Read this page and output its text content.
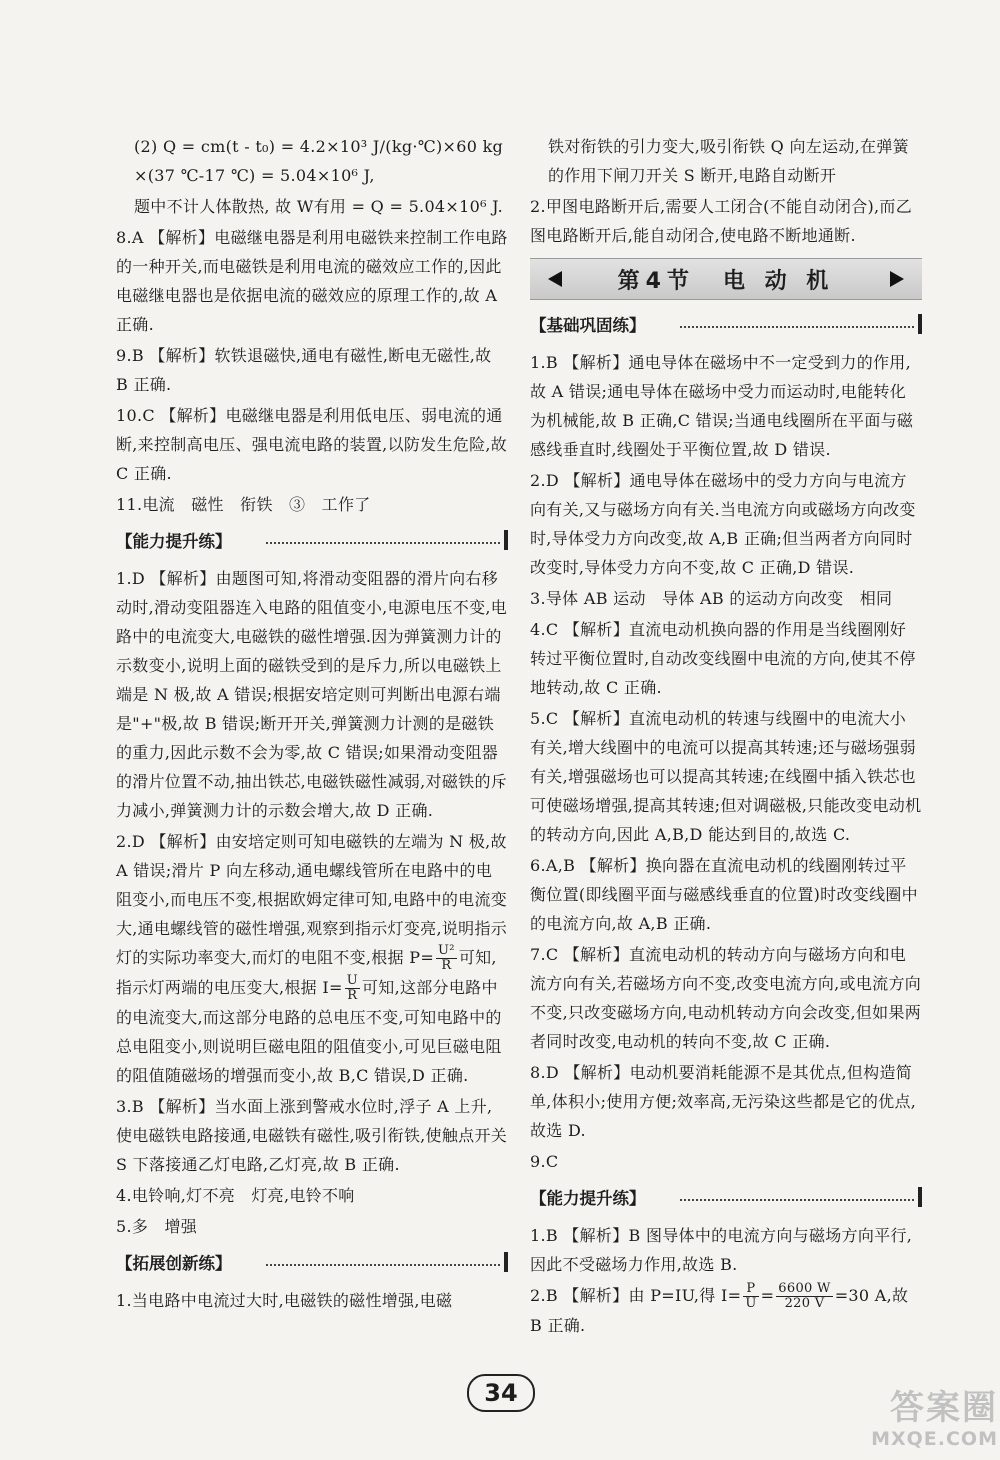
(2) Q = cm(t - t₀) = 4.2×10³ J/(kg·℃)×60 kg×(37 ℃-17 ℃) = 5.04×10⁶ J,

题中不计人体散热, 故 W有用 = Q = 5.04×10⁶ J.

8.A 【解析】电磁继电器是利用电磁铁来控制工作电路的一种开关,而电磁铁是利用电流的磁效应工作的,因此电磁继电器也是依据电流的磁效应的原理工作的,故 A 正确.

9.B 【解析】软铁退磁快,通电有磁性,断电无磁性,故 B 正确.

10.C 【解析】电磁继电器是利用低电压、弱电流的通断,来控制高电压、强电流电路的装置,以防发生危险,故 C 正确.

11.电流　磁性　衔铁　③　工作了

【能力提升练】

1.D 【解析】由题图可知,将滑动变阻器的滑片向右移动时,滑动变阻器连入电路的阻值变小,电源电压不变,电路中的电流变大,电磁铁的磁性增强.因为弹簧测力计的示数变小,说明上面的磁铁受到的是斥力,所以电磁铁上端是 N 极,故 A 错误;根据安培定则可判断出电源右端是"+"极,故 B 错误;断开开关,弹簧测力计测的是磁铁的重力,因此示数不会为零,故 C 错误;如果滑动变阻器的滑片位置不动,抽出铁芯,电磁铁磁性减弱,对磁铁的斥力减小,弹簧测力计的示数会增大,故 D 正确.

2.D 【解析】由安培定则可知电磁铁的左端为 N 极,故 A 错误;滑片 P 向左移动,通电螺线管所在电路中的电阻变小,而电压不变,根据欧姆定律可知,电路中的电流变大,通电螺线管的磁性增强,观察到指示灯变亮,说明指示灯的实际功率变大,而灯的电阻不变,根据 $P= \frac{\text{U²}}{R}$ 可知,指示灯两端的电压变大,根据 $I= \frac{U}{R}$ 可知,这部分电路中的电流变大,而这部分电路的总电压不变,可知电路中的总电阻变小,则说明巨磁电阻的阻值变小,可见巨磁电阻的阻值随磁场的增强而变小,故 B,C 错误,D 正确.

3.B 【解析】当水面上涨到警戒水位时,浮子 A 上升,使电磁铁电路接通,电磁铁有磁性,吸引衔铁,使触点开关 S 下落接通乙灯电路,乙灯亮,故 B 正确.

4.电铃响,灯不亮　灯亮,电铃不响

5.多　增强

【拓展创新练】

1.当电路中电流过大时,电磁铁的磁性增强,电磁

铁对衔铁的引力变大,吸引衔铁 Q 向左运动,在弹簧的作用下闸刀开关 S 断开,电路自动断开

2.甲图电路断开后,需要人工闭合(不能自动闭合),而乙图电路断开后,能自动闭合,使电路不断地通断.

第4节　电 动 机
【基础巩固练】

1.B 【解析】通电导体在磁场中不一定受到力的作用,故 A 错误;通电导体在磁场中受力而运动时,电能转化为机械能,故 B 正确,C 错误;当通电线圈所在平面与磁感线垂直时,线圈处于平衡位置,故 D 错误.

2.D 【解析】通电导体在磁场中的受力方向与电流方向有关,又与磁场方向有关.当电流方向或磁场方向改变时,导体受力方向改变,故 A,B 正确;但当两者方向同时改变时,导体受力方向不变,故 C 正确,D 错误.

3.导体 AB 运动　导体 AB 的运动方向改变　相同

4.C 【解析】直流电动机换向器的作用是当线圈刚好转过平衡位置时,自动改变线圈中电流的方向,使其不停地转动,故 C 正确.

5.C 【解析】直流电动机的转速与线圈中的电流大小有关,增大线圈中的电流可以提高其转速;还与磁场强弱有关,增强磁场也可以提高其转速;在线圈中插入铁芯也可使磁场增强,提高其转速;但对调磁极,只能改变电动机的转动方向,因此 A,B,D 能达到目的,故选 C.

6.A,B 【解析】换向器在直流电动机的线圈刚转过平衡位置(即线圈平面与磁感线垂直的位置)时改变线圈中的电流方向,故 A,B 正确.

7.C 【解析】直流电动机的转动方向与磁场方向和电流方向有关,若磁场方向不变,改变电流方向,或电流方向不变,只改变磁场方向,电动机转动方向会改变,但如果两者同时改变,电动机的转向不变,故 C 正确.

8.D 【解析】电动机要消耗能源不是其优点,但构造简单,体积小;使用方便;效率高,无污染这些都是它的优点,故选 D.

9.C

【能力提升练】

1.B 【解析】B 图导体中的电流方向与磁场方向平行,因此不受磁场力作用,故选 B.

2.B 【解析】由 P=IU,得 $I= \frac{P}{U} = \frac{6600 W}{220 V} =30$ A,故 B 正确.

34	答案圈
MXQE.COM
